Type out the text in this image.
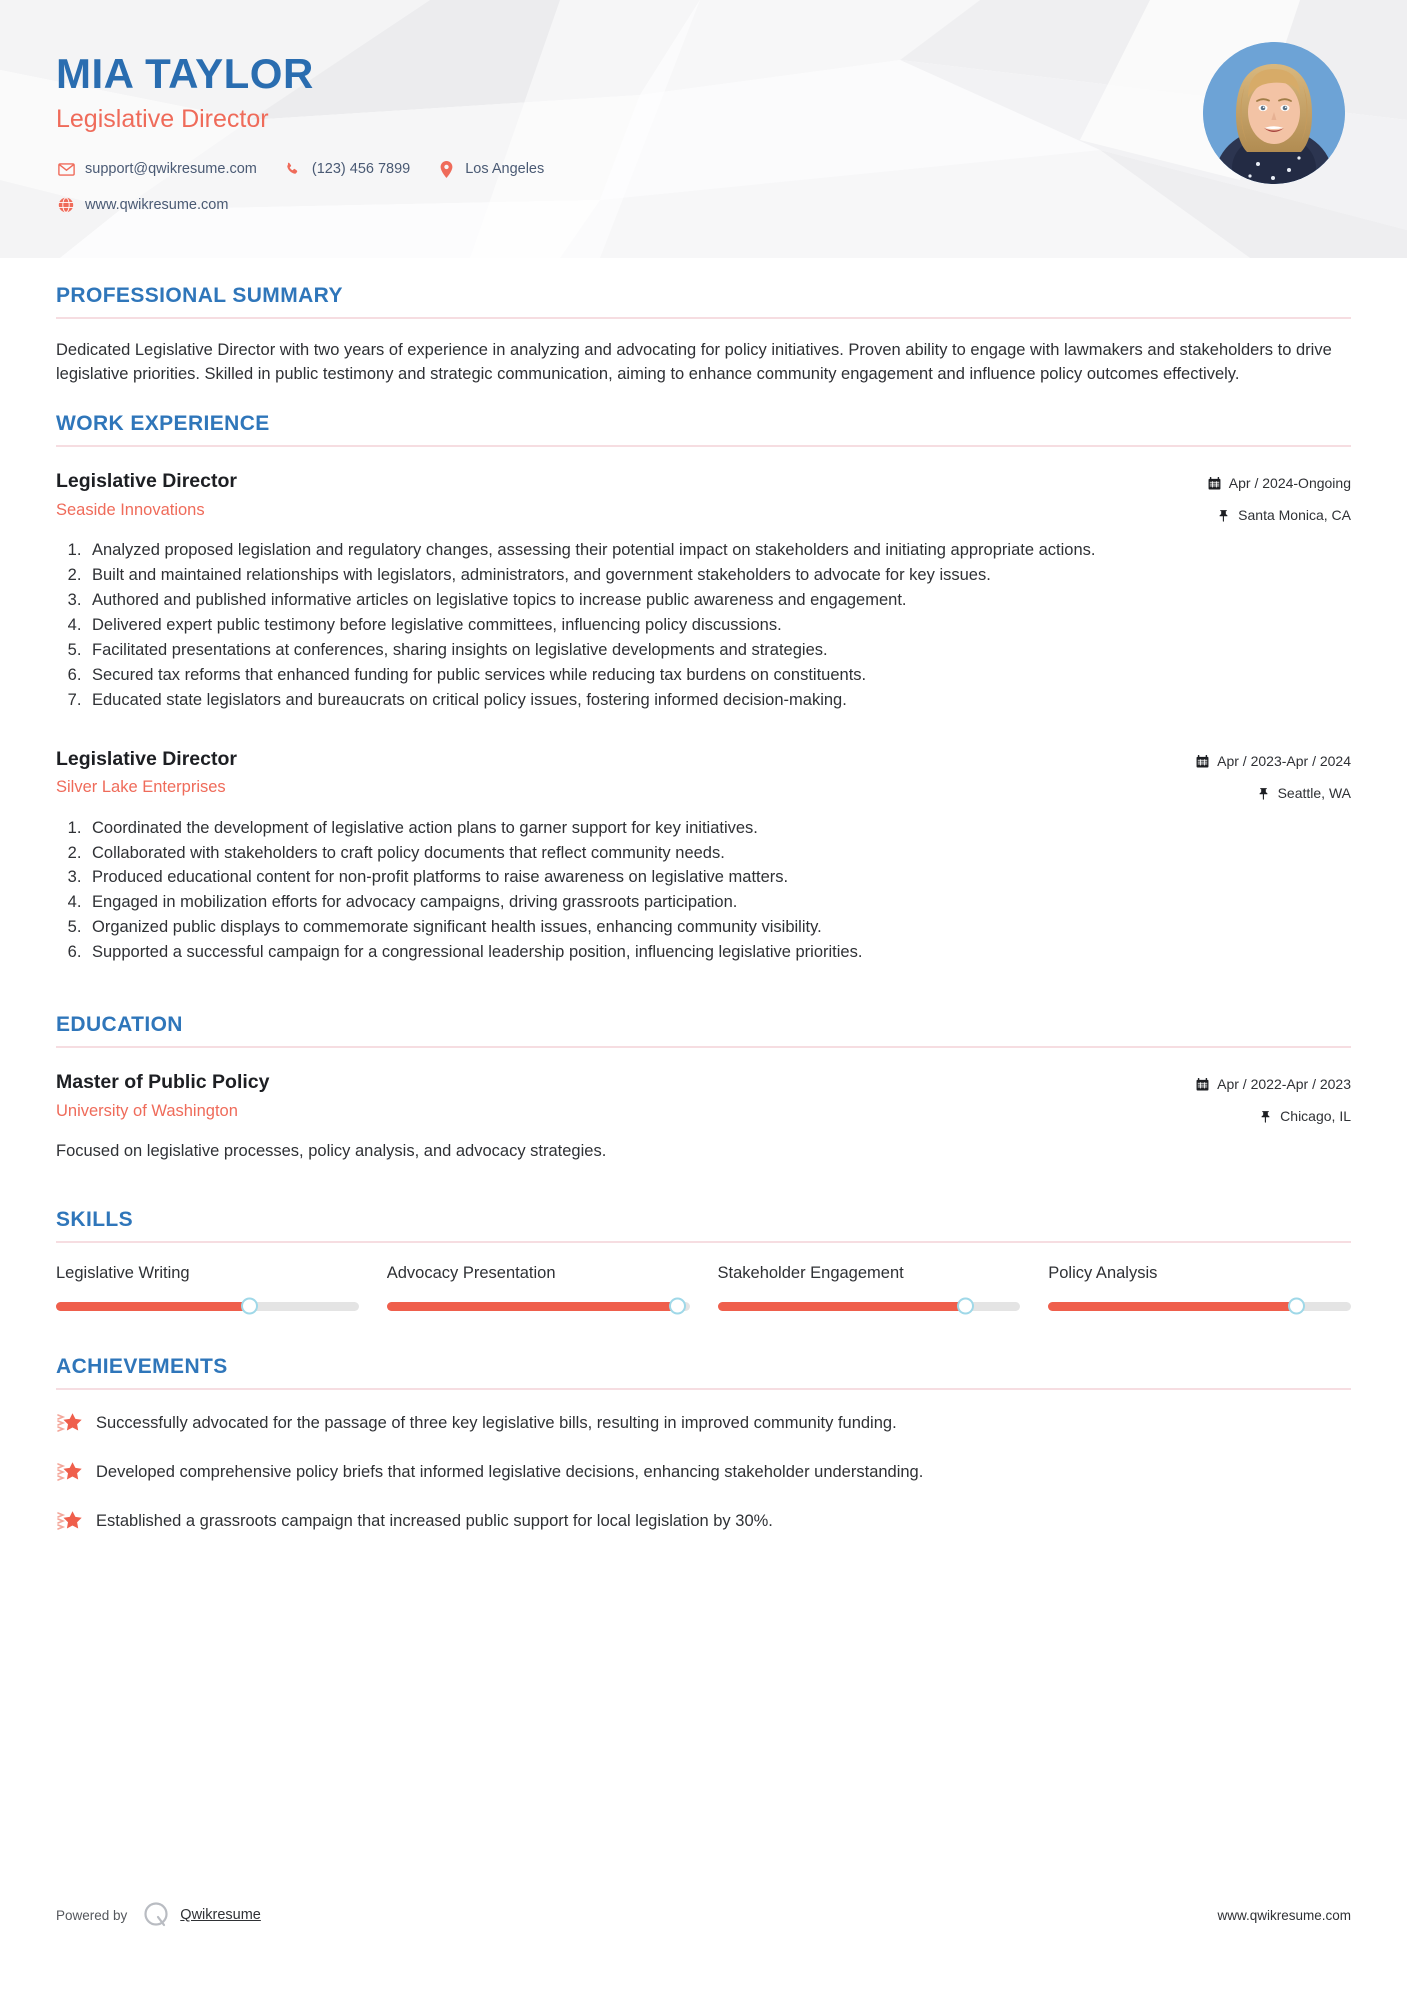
MIA TAYLOR
Legislative Director
support@qwikresume.com	(123) 456 7899	Los Angeles
www.qwikresume.com
PROFESSIONAL SUMMARY

Dedicated Legislative Director with two years of experience in analyzing and advocating for policy initiatives. Proven ability to engage with lawmakers and stakeholders to drive legislative priorities. Skilled in public testimony and strategic communication, aiming to enhance community engagement and influence policy outcomes effectively.

WORK EXPERIENCE
Legislative Director
Seaside Innovations
Apr / 2024-Ongoing
Santa Monica, CA
1. Analyzed proposed legislation and regulatory changes, assessing their potential impact on stakeholders and initiating appropriate actions.
2. Built and maintained relationships with legislators, administrators, and government stakeholders to advocate for key issues.
3. Authored and published informative articles on legislative topics to increase public awareness and engagement.
4. Delivered expert public testimony before legislative committees, influencing policy discussions.
5. Facilitated presentations at conferences, sharing insights on legislative developments and strategies.
6. Secured tax reforms that enhanced funding for public services while reducing tax burdens on constituents.
7. Educated state legislators and bureaucrats on critical policy issues, fostering informed decision-making.
Legislative Director
Silver Lake Enterprises
Apr / 2023-Apr / 2024
Seattle, WA
1. Coordinated the development of legislative action plans to garner support for key initiatives.
2. Collaborated with stakeholders to craft policy documents that reflect community needs.
3. Produced educational content for non-profit platforms to raise awareness on legislative matters.
4. Engaged in mobilization efforts for advocacy campaigns, driving grassroots participation.
5. Organized public displays to commemorate significant health issues, enhancing community visibility.
6. Supported a successful campaign for a congressional leadership position, influencing legislative priorities.
EDUCATION
Master of Public Policy
University of Washington
Apr / 2022-Apr / 2023
Chicago, IL
Focused on legislative processes, policy analysis, and advocacy strategies.
SKILLS
Legislative Writing	Advocacy Presentation	Stakeholder Engagement	Policy Analysis
ACHIEVEMENTS
Successfully advocated for the passage of three key legislative bills, resulting in improved community funding.
Developed comprehensive policy briefs that informed legislative decisions, enhancing stakeholder understanding.
Established a grassroots campaign that increased public support for local legislation by 30%.
Powered by	Qwikresume	www.qwikresume.com
